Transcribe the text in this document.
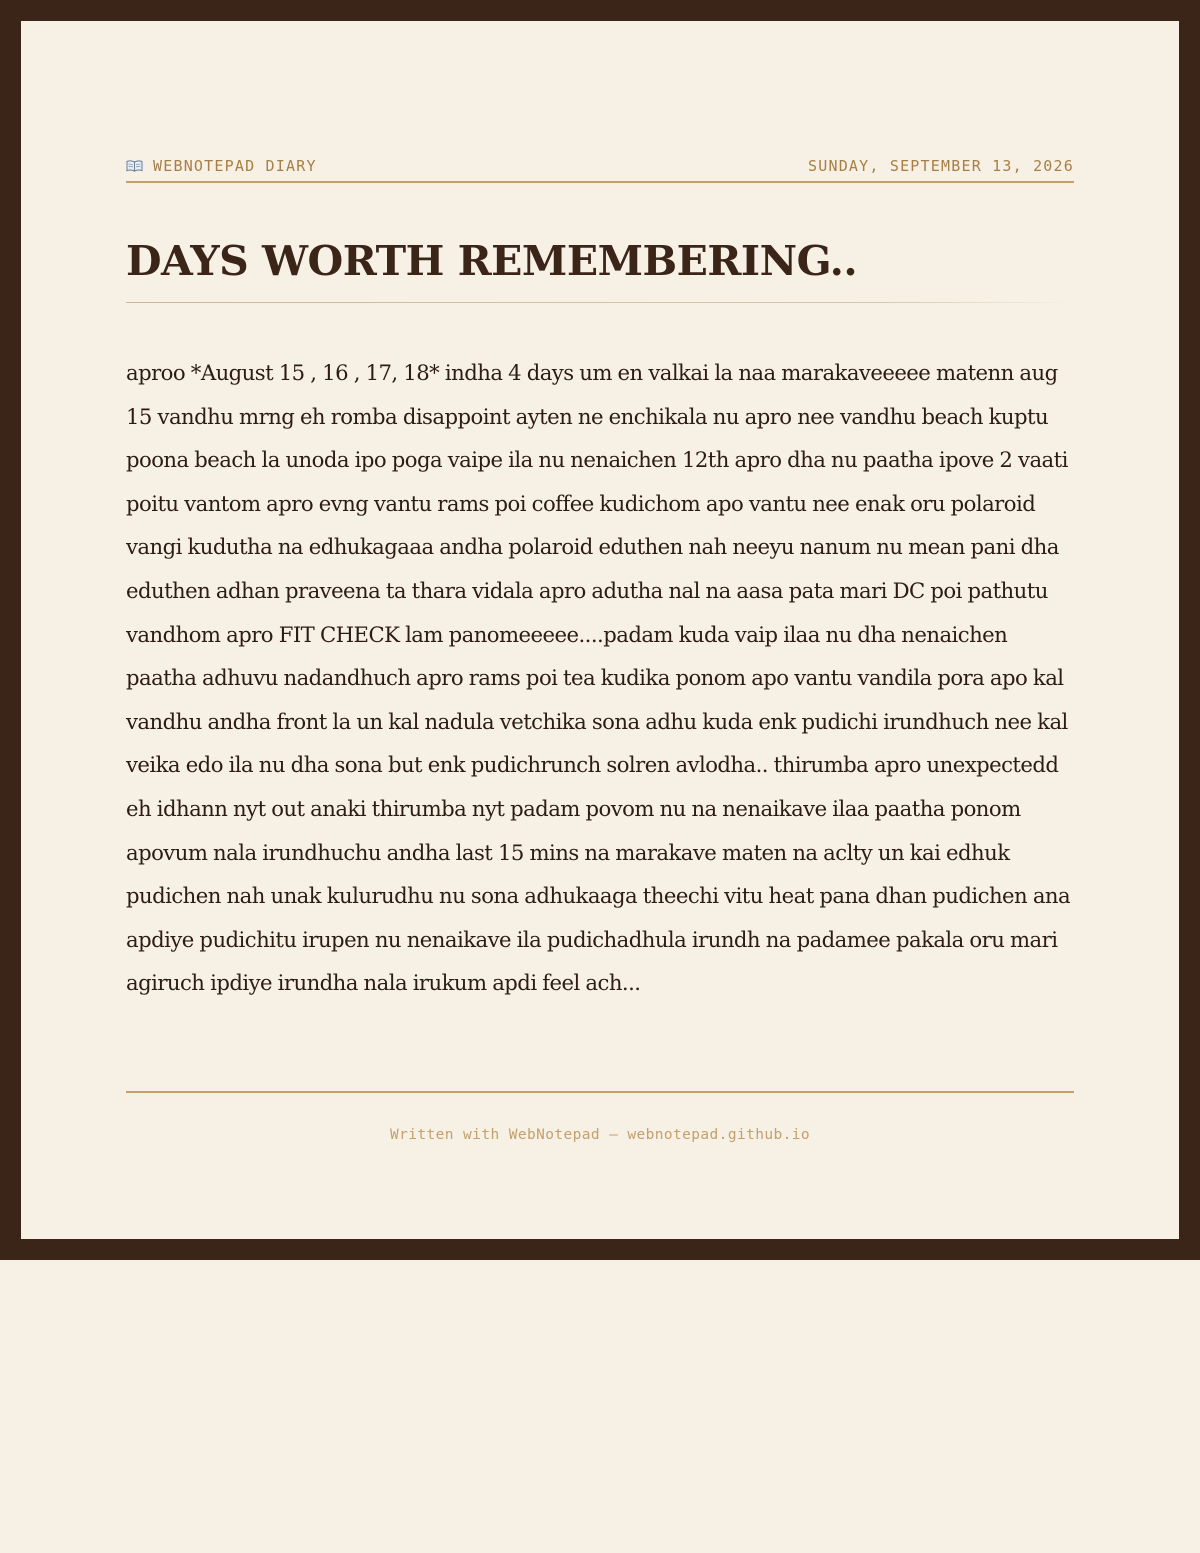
WEBNOTEPAD DIARY	SUNDAY, SEPTEMBER 13, 2026
DAYS WORTH REMEMBERING..

aproo *August 15 , 16 , 17, 18* indha 4 days um en valkai la naa marakaveeeee matenn aug 15 vandhu mrng eh romba disappoint ayten ne enchikala nu apro nee vandhu beach kuptu poona beach la unoda ipo poga vaipe ila nu nenaichen 12th apro dha nu paatha ipove 2 vaati poitu vantom apro evng vantu rams poi coffee kudichom apo vantu nee enak oru polaroid vangi kudutha na edhukagaaa andha polaroid eduthen nah neeyu nanum nu mean pani dha eduthen adhan praveena ta thara vidala apro adutha nal na aasa pata mari DC poi pathutu vandhom apro FIT CHECK lam panomeeeee....padam kuda vaip ilaa nu dha nenaichen paatha adhuvu nadandhuch apro rams poi tea kudika ponom apo vantu vandila pora apo kal vandhu andha front la un kal nadula vetchika sona adhu kuda enk pudichi irundhuch nee kal veika edo ila nu dha sona but enk pudichrunch solren avlodha.. thirumba apro unexpectedd eh idhann nyt out anaki thirumba nyt padam povom nu na nenaikave ilaa paatha ponom apovum nala irundhuchu andha last 15 mins na marakave maten na aclty un kai edhuk pudichen nah unak kulurudhu nu sona adhukaaga theechi vitu heat pana dhan pudichen ana apdiye pudichitu irupen nu nenaikave ila pudichadhula irundh na padamee pakala oru mari agiruch ipdiye irundha nala irukum apdi feel ach...

Written with WebNotepad — webnotepad.github.io
